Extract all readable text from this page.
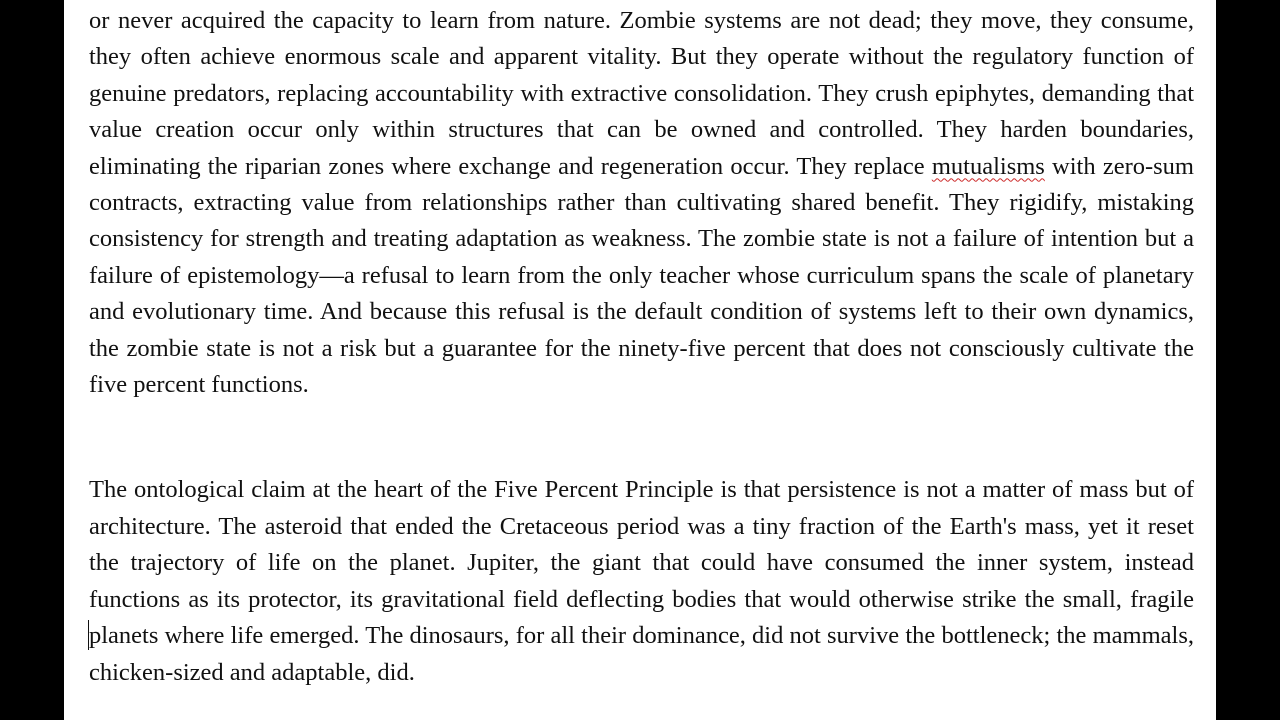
or never acquired the capacity to learn from nature. Zombie systems are not dead; they move, they consume, they often achieve enormous scale and apparent vitality. But they operate without the regulatory function of genuine predators, replacing accountability with extractive consolidation. They crush epiphytes, demanding that value creation occur only within structures that can be owned and controlled. They harden boundaries, eliminating the riparian zones where exchange and regeneration occur. They replace mutualisms with zero-sum contracts, extracting value from relationships rather than cultivating shared benefit. They rigidify, mistaking consistency for strength and treating adaptation as weakness. The zombie state is not a failure of intention but a failure of epistemology—a refusal to learn from the only teacher whose curriculum spans the scale of planetary and evolutionary time. And because this refusal is the default condition of systems left to their own dynamics, the zombie state is not a risk but a guarantee for the ninety-five percent that does not consciously cultivate the five percent functions.

The ontological claim at the heart of the Five Percent Principle is that persistence is not a matter of mass but of architecture. The asteroid that ended the Cretaceous period was a tiny fraction of the Earth's mass, yet it reset the trajectory of life on the planet. Jupiter, the giant that could have consumed the inner system, instead functions as its protector, its gravitational field deflecting bodies that would otherwise strike the small, fragile planets where life emerged. The dinosaurs, for all their dominance, did not survive the bottleneck; the mammals, chicken-sized and adaptable, did.
